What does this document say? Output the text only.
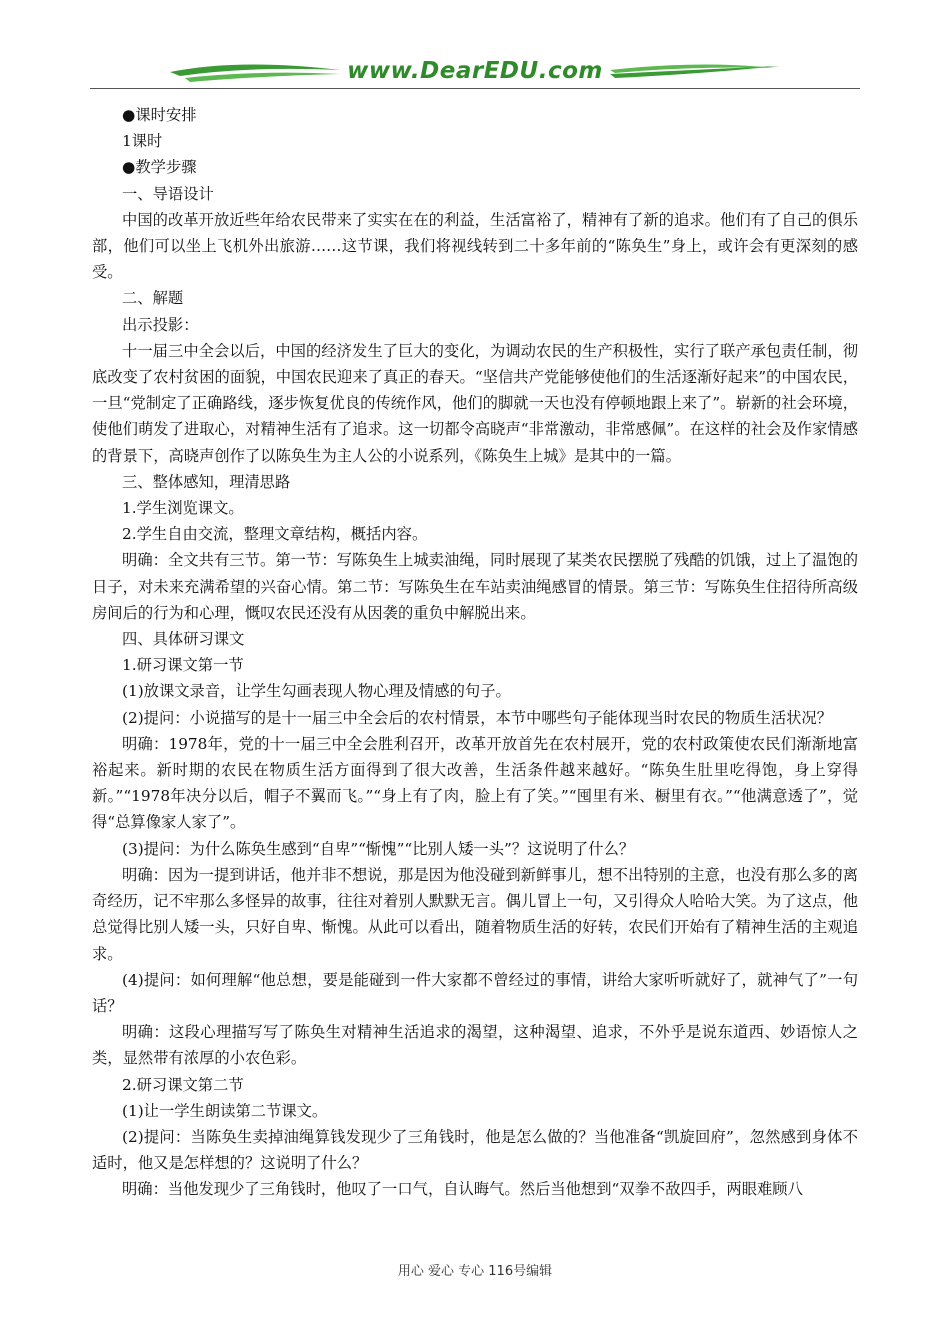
www.DearEDU.com

●课时安排

1课时

●教学步骤

一、导语设计

中国的改革开放近些年给农民带来了实实在在的利益，生活富裕了，精神有了新的追求。他们有了自己的俱乐部，他们可以坐上飞机外出旅游……这节课，我们将视线转到二十多年前的“陈奂生”身上，或许会有更深刻的感受。

二、解题

出示投影：

十一届三中全会以后，中国的经济发生了巨大的变化，为调动农民的生产积极性，实行了联产承包责任制，彻底改变了农村贫困的面貌，中国农民迎来了真正的春天。“坚信共产党能够使他们的生活逐渐好起来”的中国农民，一旦“党制定了正确路线，逐步恢复优良的传统作风，他们的脚就一天也没有停顿地跟上来了”。崭新的社会环境，使他们萌发了进取心，对精神生活有了追求。这一切都令高晓声“非常激动，非常感佩”。在这样的社会及作家情感的背景下，高晓声创作了以陈奂生为主人公的小说系列，《陈奂生上城》是其中的一篇。

三、整体感知，理清思路

1.学生浏览课文。

2.学生自由交流，整理文章结构，概括内容。

明确：全文共有三节。第一节：写陈奂生上城卖油绳，同时展现了某类农民摆脱了残酷的饥饿，过上了温饱的日子，对未来充满希望的兴奋心情。第二节：写陈奂生在车站卖油绳感冒的情景。第三节：写陈奂生住招待所高级房间后的行为和心理，慨叹农民还没有从因袭的重负中解脱出来。

四、具体研习课文

1.研习课文第一节

(1)放课文录音，让学生勾画表现人物心理及情感的句子。

(2)提问：小说描写的是十一届三中全会后的农村情景，本节中哪些句子能体现当时农民的物质生活状况？

明确：1978年，党的十一届三中全会胜利召开，改革开放首先在农村展开，党的农村政策使农民们渐渐地富裕起来。新时期的农民在物质生活方面得到了很大改善，生活条件越来越好。“陈奂生肚里吃得饱，身上穿得新。”“1978年决分以后，帽子不翼而飞。”“身上有了肉，脸上有了笑。”“囤里有米、橱里有衣。”“他满意透了”，觉得“总算像家人家了”。

(3)提问：为什么陈奂生感到“自卑”“惭愧”“比别人矮一头”？这说明了什么？

明确：因为一提到讲话，他并非不想说，那是因为他没碰到新鲜事儿，想不出特别的主意，也没有那么多的离奇经历，记不牢那么多怪异的故事，往往对着别人默默无言。偶儿冒上一句，又引得众人哈哈大笑。为了这点，他总觉得比别人矮一头，只好自卑、惭愧。从此可以看出，随着物质生活的好转，农民们开始有了精神生活的主观追求。

(4)提问：如何理解“他总想，要是能碰到一件大家都不曾经过的事情，讲给大家听听就好了，就神气了”一句话？

明确：这段心理描写写了陈奂生对精神生活追求的渴望，这种渴望、追求，不外乎是说东道西、妙语惊人之类，显然带有浓厚的小农色彩。

2.研习课文第二节

(1)让一学生朗读第二节课文。

(2)提问：当陈奂生卖掉油绳算钱发现少了三角钱时，他是怎么做的？当他准备“凯旋回府”，忽然感到身体不适时，他又是怎样想的？这说明了什么？

明确：当他发现少了三角钱时，他叹了一口气，自认晦气。然后当他想到“双拳不敌四手，两眼难顾八

用心 爱心 专心 116号编辑
